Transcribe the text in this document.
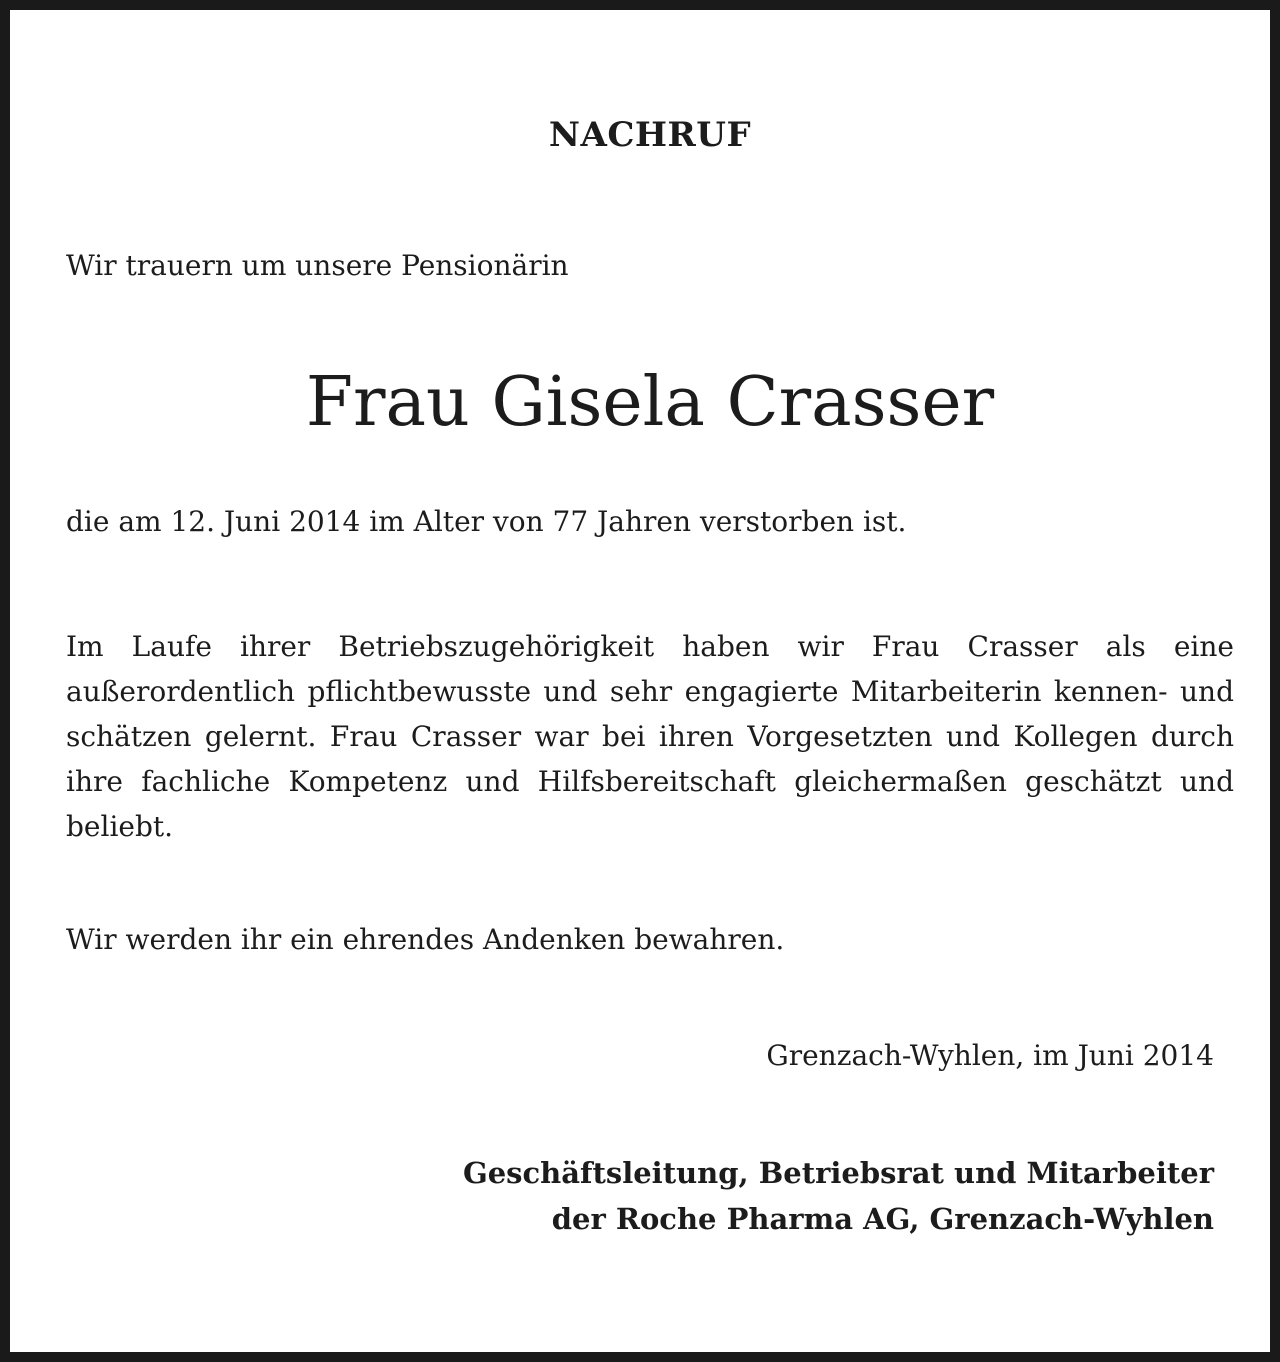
NACHRUF

Wir trauern um unsere Pensionärin

Frau Gisela Crasser

die am 12. Juni 2014 im Alter von 77 Jahren verstorben ist.

Im Laufe ihrer Betriebszugehörigkeit haben wir Frau Crasser als eine außerordentlich pflichtbewusste und sehr engagierte Mitarbeiterin kennen- und schätzen gelernt. Frau Crasser war bei ihren Vorgesetzten und Kollegen durch ihre fachliche Kompetenz und Hilfsbereitschaft gleichermaßen geschätzt und beliebt.

Wir werden ihr ein ehrendes Andenken bewahren.

Grenzach-Wyhlen, im Juni 2014

Geschäftsleitung, Betriebsrat und Mitarbeiter
der Roche Pharma AG, Grenzach-Wyhlen
